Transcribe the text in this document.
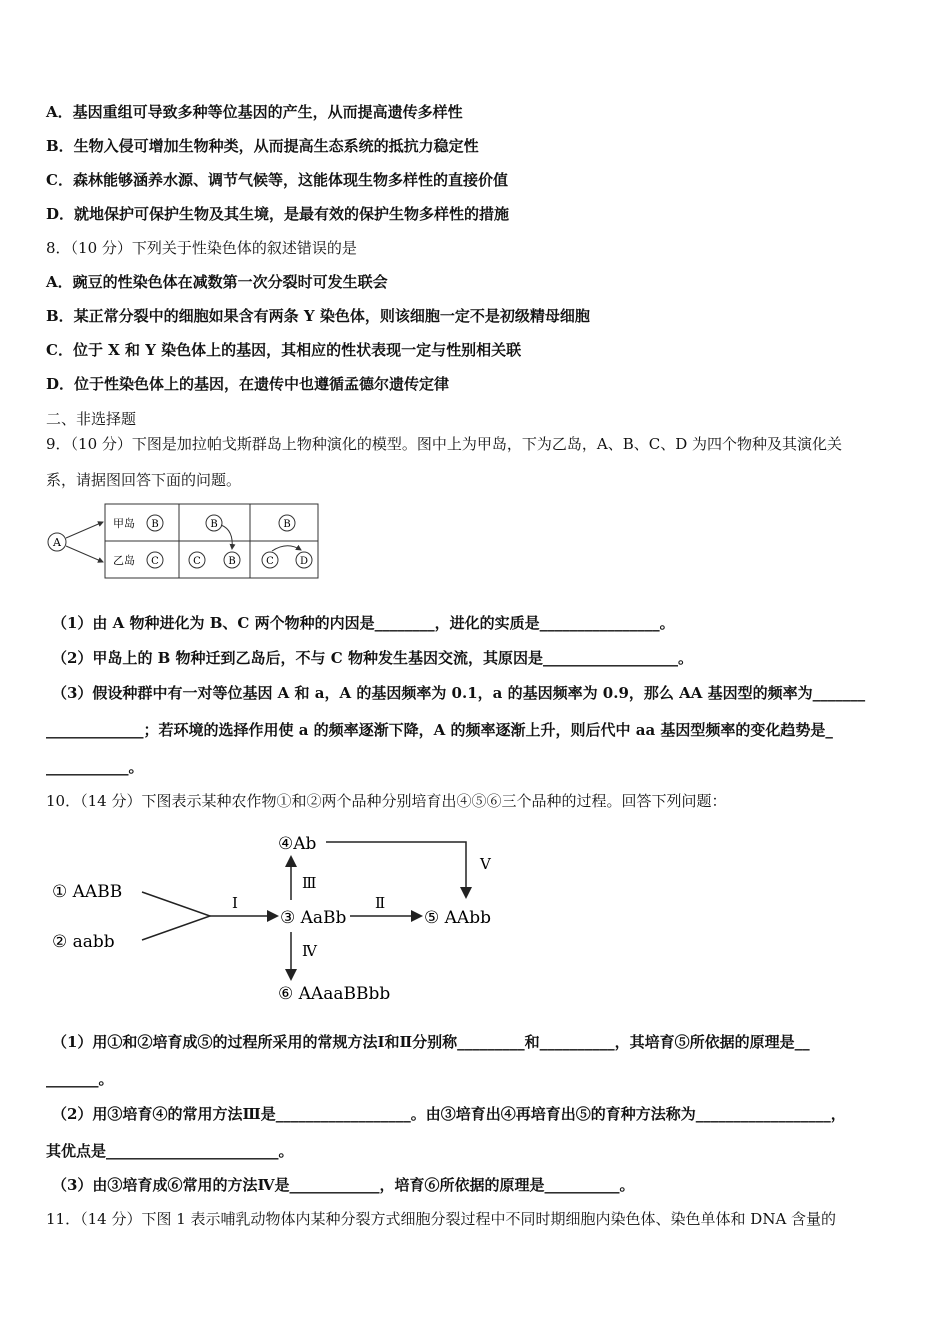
A．基因重组可导致多种等位基因的产生，从而提高遗传多样性
B．生物入侵可增加生物种类，从而提高生态系统的抵抗力稳定性
C．森林能够涵养水源、调节气候等，这能体现生物多样性的直接价值
D．就地保护可保护生物及其生境，是最有效的保护生物多样性的措施
8．（10 分）下列关于性染色体的叙述错误的是
A．豌豆的性染色体在减数第一次分裂时可发生联会
B．某正常分裂中的细胞如果含有两条 Y 染色体，则该细胞一定不是初级精母细胞
C．位于 X 和 Y 染色体上的基因，其相应的性状表现一定与性别相关联
D．位于性染色体上的基因，在遗传中也遵循孟德尔遗传定律
二、非选择题
9．（10 分）下图是加拉帕戈斯群岛上物种演化的模型。图中上为甲岛，下为乙岛，A、B、C、D 为四个物种及其演化关
系，请据图回答下面的问题。
A
甲岛
乙岛
B	B	B
C	C	B	C	D
（1）由 A 物种进化为 B、C 两个物种的内因是________，进化的实质是________________。
（2）甲岛上的 B 物种迁到乙岛后，不与 C 物种发生基因交流，其原因是__________________。
（3）假设种群中有一对等位基因 A 和 a，A 的基因频率为 0.1，a 的基因频率为 0.9，那么 AA 基因型的频率为_______
_____________；若环境的选择作用使 a 的频率逐渐下降，A 的频率逐渐上升，则后代中 aa 基因型频率的变化趋势是_
___________。
10．（14 分）下图表示某种农作物①和②两个品种分别培育出④⑤⑥三个品种的过程。回答下列问题：
① AABB
② aabb
③ AaBb
④Ab
⑤ AAbb
⑥ AAaaBBbb
Ⅰ	Ⅱ
Ⅲ
Ⅳ
Ⅴ
（1）用①和②培育成⑤的过程所采用的常规方法Ⅰ和Ⅱ分别称_________和__________，其培育⑤所依据的原理是__
_______。
（2）用③培育④的常用方法Ⅲ是__________________。由③培育出④再培育出⑤的育种方法称为__________________，
其优点是_______________________。
（3）由③培育成⑥常用的方法Ⅳ是____________，培育⑥所依据的原理是__________。
11．（14 分）下图 1 表示哺乳动物体内某种分裂方式细胞分裂过程中不同时期细胞内染色体、染色单体和 DNA 含量的
